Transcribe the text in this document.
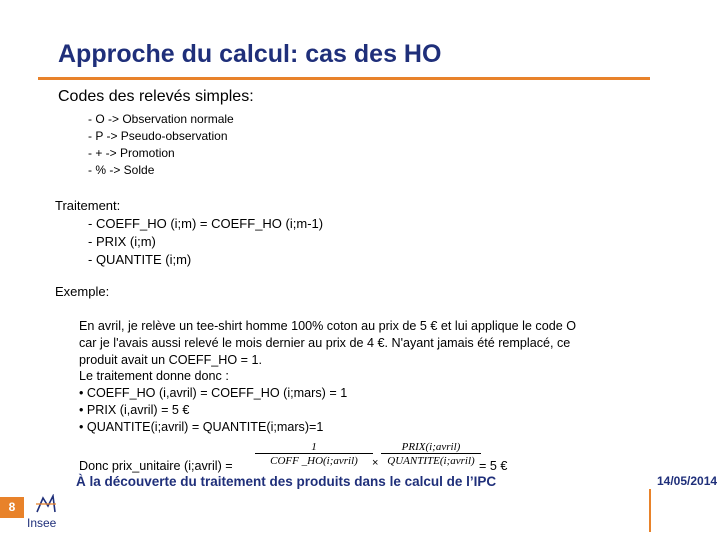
Approche du calcul: cas des HO
Codes des relevés simples:
- O -> Observation normale
- P -> Pseudo-observation
- + -> Promotion
- % -> Solde
Traitement:
- COEFF_HO (i;m) = COEFF_HO (i;m-1)
- PRIX (i;m)
- QUANTITE (i;m)
Exemple:
En avril, je relève un tee-shirt homme 100% coton au prix de 5 € et lui applique le code O
car je l'avais aussi relevé le mois dernier au prix de 4 €. N'ayant jamais été remplacé, ce
produit avait un COEFF_HO = 1.
Le traitement donne donc :
• COEFF_HO (i,avril) = COEFF_HO (i;mars) = 1
• PRIX (i,avril) = 5 €
• QUANTITE(i;avril) = QUANTITE(i;mars)=1
Donc prix_unitaire (i;avril) =
1
COFF _HO(i;avril)	×
PRIX(i;avril)
QUANTITE(i;avril) = 5 €
8
Insee
À la découverte du traitement des produits dans le calcul de l’IPC	14/05/2014
